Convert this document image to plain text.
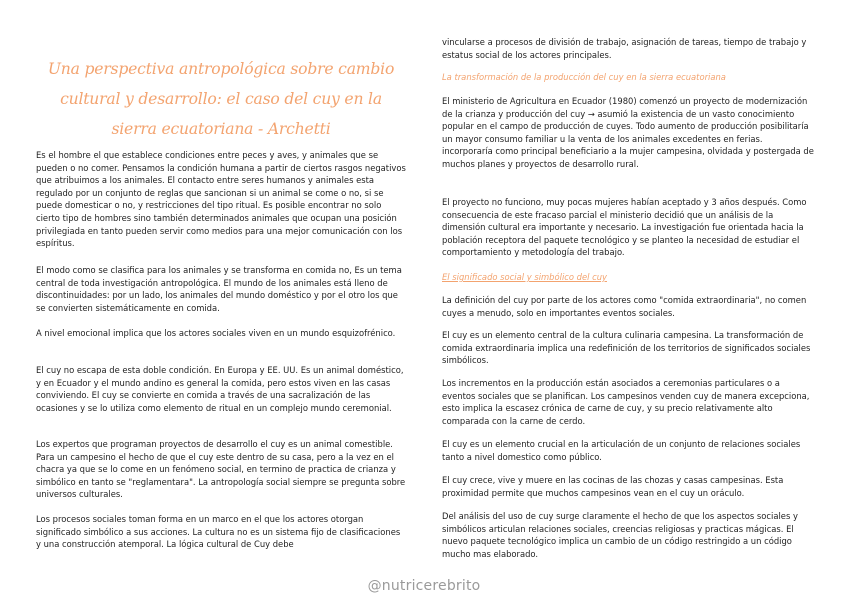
Una perspectiva antropológica sobre cambio cultural y desarrollo: el caso del cuy en la sierra ecuatoriana - Archetti

Es el hombre el que establece condiciones entre peces y aves, y animales que se pueden o no comer. Pensamos la condición humana a partir de ciertos rasgos negativos que atribuimos a los animales. El contacto entre seres humanos y animales esta regulado por un conjunto de reglas que sancionan si un animal se come o no, si se puede domesticar o no, y restricciones del tipo ritual. Es posible encontrar no solo cierto tipo de hombres sino también determinados animales que ocupan una posición privilegiada en tanto pueden servir como medios para una mejor comunicación con los espíritus.

El modo como se clasifica para los animales y se transforma en comida no, Es un tema central de toda investigación antropológica. El mundo de los animales está lleno de discontinuidades: por un lado, los animales del mundo doméstico y por el otro los que se convierten sistemáticamente en comida.

A nivel emocional implica que los actores sociales viven en un mundo esquizofrénico.

El cuy no escapa de esta doble condición. En Europa y EE. UU. Es un animal doméstico, y en Ecuador y el mundo andino es general la comida, pero estos viven en las casas conviviendo. El cuy se convierte en comida a través de una sacralización de las ocasiones y se lo utiliza como elemento de ritual en un complejo mundo ceremonial.

Los expertos que programan proyectos de desarrollo el cuy es un animal comestible. Para un campesino el hecho de que el cuy este dentro de su casa, pero a la vez en el chacra ya que se lo come en un fenómeno social, en termino de practica de crianza y simbólico en tanto se "reglamentara". La antropología social siempre se pregunta sobre universos culturales.

Los procesos sociales toman forma en un marco en el que los actores otorgan significado simbólico a sus acciones. La cultura no es un sistema fijo de clasificaciones y una construcción atemporal. La lógica cultural de Cuy debe

vincularse a procesos de división de trabajo, asignación de tareas, tiempo de trabajo y estatus social de los actores principales.

La transformación de la producción del cuy en la sierra ecuatoriana

El ministerio de Agricultura en Ecuador (1980) comenzó un proyecto de modernización de la crianza y producción del cuy → asumió la existencia de un vasto conocimiento popular en el campo de producción de cuyes. Todo aumento de producción posibilitaría un mayor consumo familiar u la venta de los animales excedentes en ferias. incorporaría como principal beneficiario a la mujer campesina, olvidada y postergada de muchos planes y proyectos de desarrollo rural.

El proyecto no funciono, muy pocas mujeres habían aceptado y 3 años después. Como consecuencia de este fracaso parcial el ministerio decidió que un análisis de la dimensión cultural era importante y necesario. La investigación fue orientada hacia la población receptora del paquete tecnológico y se planteo la necesidad de estudiar el comportamiento y metodología del trabajo.

El significado social y simbólico del cuy

La definición del cuy por parte de los actores como "comida extraordinaria", no comen cuyes a menudo, solo en importantes eventos sociales.

El cuy es un elemento central de la cultura culinaria campesina. La transformación de comida extraordinaria implica una redefinición de los territorios de significados sociales simbólicos.

Los incrementos en la producción están asociados a ceremonias particulares o a eventos sociales que se planifican. Los campesinos venden cuy de manera excepciona, esto implica la escasez crónica de carne de cuy, y su precio relativamente alto comparada con la carne de cerdo.

El cuy es un elemento crucial en la articulación de un conjunto de relaciones sociales tanto a nivel domestico como público.

El cuy crece, vive y muere en las cocinas de las chozas y casas campesinas. Esta proximidad permite que muchos campesinos vean en el cuy un oráculo.

Del análisis del uso de cuy surge claramente el hecho de que los aspectos sociales y simbólicos articulan relaciones sociales, creencias religiosas y practicas mágicas. El nuevo paquete tecnológico implica un cambio de un código restringido a un código mucho mas elaborado.

@nutricerebrito
